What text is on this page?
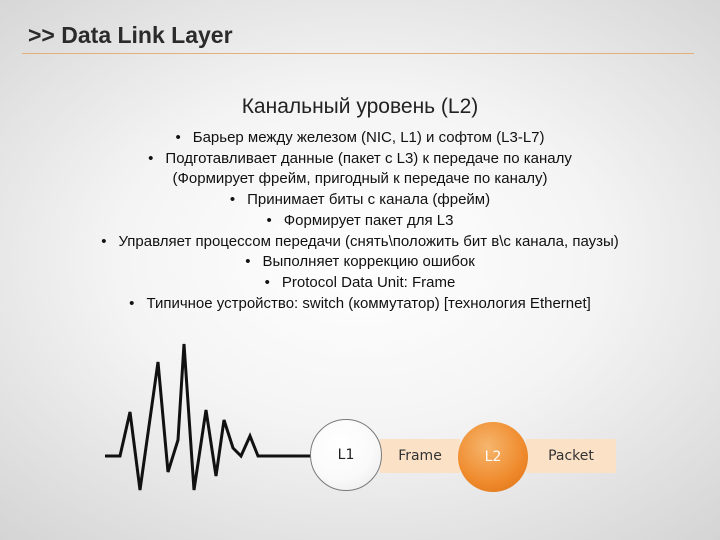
>> Data Link Layer
Канальный уровень (L2)
• Барьер между железом (NIC, L1) и софтом (L3-L7)
• Подготавливает данные (пакет с L3) к передаче по каналу
(Формирует фрейм, пригодный к передаче по каналу)
• Принимает биты с канала (фрейм)
• Формирует пакет для L3
• Управляет процессом передачи (снять\положить бит в\с канала, паузы)
• Выполняет коррекцию ошибок
• Protocol Data Unit: Frame
• Типичное устройство: switch (коммутатор) [технология Ethernet]
Frame	Packet
L1	L2
